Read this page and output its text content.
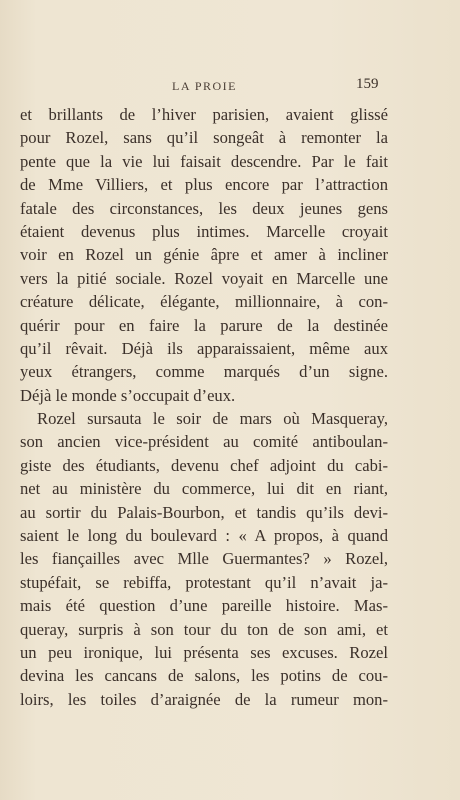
LA PROIE	159
et brillants de l’hiver parisien, avaient glissé
pour Rozel, sans qu’il songeât à remonter la
pente que la vie lui faisait descendre. Par le fait
de Mme Villiers, et plus encore par l’attraction
fatale des circonstances, les deux jeunes gens
étaient devenus plus intimes. Marcelle croyait
voir en Rozel un génie âpre et amer à incliner
vers la pitié sociale. Rozel voyait en Marcelle une
créature délicate, élégante, millionnaire, à con-
quérir pour en faire la parure de la destinée
qu’il rêvait. Déjà ils apparaissaient, même aux
yeux étrangers, comme marqués d’un signe.
Déjà le monde s’occupait d’eux.
Rozel sursauta le soir de mars où Masqueray,
son ancien vice-président au comité antiboulan-
giste des étudiants, devenu chef adjoint du cabi-
net au ministère du commerce, lui dit en riant,
au sortir du Palais-Bourbon, et tandis qu’ils devi-
saient le long du boulevard : « A propos, à quand
les fiançailles avec Mlle Guermantes? » Rozel,
stupéfait, se rebiffa, protestant qu’il n’avait ja-
mais été question d’une pareille histoire. Mas-
queray, surpris à son tour du ton de son ami, et
un peu ironique, lui présenta ses excuses. Rozel
devina les cancans de salons, les potins de cou-
loirs, les toiles d’araignée de la rumeur mon-
